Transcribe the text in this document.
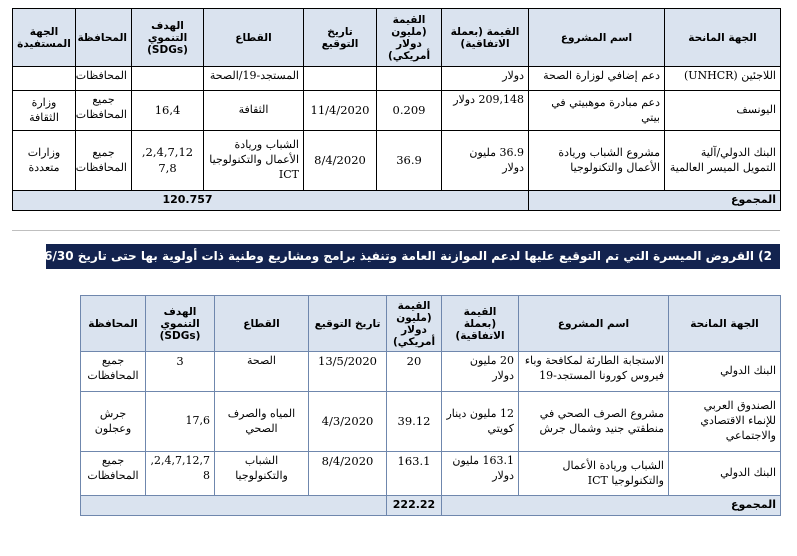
الجهة المانحة	اسم المشروع	القيمة (بعملة الاتفاقية)	القيمة (مليون دولار أمريكي)	تاريخ التوقيع	القطاع	الهدف التنموي (SDGs)	المحافظة	الجهة المستفيدة
اللاجئين (UNHCR)	دعم إضافي لوزارة الصحة	دولار			المستجد-19/الصحة		المحافظات	
اليونسف	دعم مبادرة موهبيتي في بيتي	209,148 دولار	0.209	11/4/2020	الثقافة	16,4	جميع المحافظات	وزارة الثقافة
البنك الدولي/آلية التمويل الميسر العالمية	مشروع الشباب وريادة الأعمال والتكنولوجيا	36.9 مليون دولار	36.9	8/4/2020	الشباب وريادة الأعمال والتكنولوجيا ICT	2,4,7,12, 7,8	جميع المحافظات	وزارات متعددة
المجموع		120.757						
2) القروض الميسرة التي تم التوقيع عليها لدعم الموازنة العامة وتنفيذ برامج ومشاريع وطنية ذات أولوية بها حتى تاريخ 2020/6/30
الجهة المانحة	اسم المشروع	القيمة (بعملة الاتفاقية)	القيمة (مليون دولار أمريكي)	تاريخ التوقيع	القطاع	الهدف التنموي (SDGs)	المحافظة
البنك الدولي	الاستجابة الطارئة لمكافحة وباء فيروس كورونا المستجد-19	20 مليون دولار	20	13/5/2020	الصحة	3	جميع المحافظات
الصندوق العربي للإنماء الاقتصادي والاجتماعي	مشروع الصرف الصحي في منطقتي جنيد وشمال جرش	12 مليون دينار كويتي	39.12	4/3/2020	المياه والصرف الصحي	17,6	جرش وعجلون
البنك الدولي	الشباب وريادة الأعمال والتكنولوجيا ICT	163.1 مليون دولار	163.1	8/4/2020	الشباب والتكنولوجيا	2,4,7,12,7, 8	جميع المحافظات
المجموع			222.22				
